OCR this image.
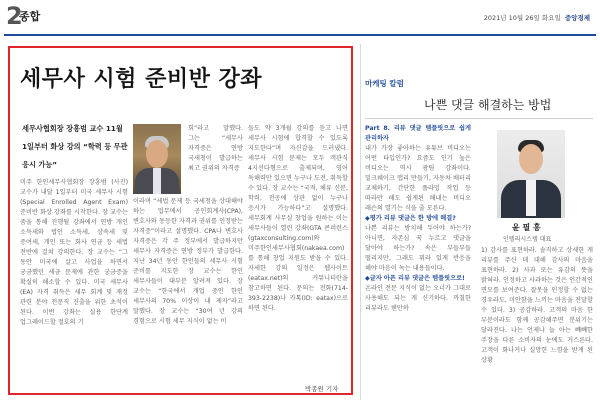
2
종합	2021년 10월 26일 화요일 중앙경제
세무사 시험 준비반 강좌
세무사협회장 장흥범 교수 11월 1일부터 화상 강의 “학력 등 무관 응시 가능”
미주 한인세무사협회장 장흥범 (사진) 교수가 내달 1일부터 미국 세무사 시험(Special Enrolled Agent Exam) 준비반 화상 강좌를 시작한다. 장 교수는 줌을 통해 진행될 강좌에서 연방 개인 소득세와 법인 소득세, 상속세 및 증여세, 개인 또는 회사 연금 등 세법 전반에 걸쳐 강의한다. 장 교수는 “그 동안 미국에 살고 사업을 하면서 궁금했던 세금 문제에 관한 궁금증을 확실히 해소할 수 있다. 미국 세무사(EA) 자격 취득은 세무 회계 및 재정 관련 분야 전문직 진출을 위한 초석이 된다. 이번 강좌는 실용 한단계 업그레이드할 절호의 기
회”라고 말했다. 그는 “세무사 자격증은 연방 국세청이 발급하는 최고 권위의 자격증
이라며 “세법 문제 등 국세청을 상대해야 하는 업무에서 공인회계사(CPA), 변호사와 동등한 자격과 권위를 인정받는 자격증”이라고 설명했다. CPA나 변호사 자격증은 각 주 정부에서 발급하지만 세무사 자격증은 연방 정부가 발급한다. 지난 34년 동안 한인들의 세무사 시험 준비를 지도한 장 교수는 한인 세무사들이 대부분 알려져 있다. 장 교수는 “한국에서 개업 중인 한인 세무사의 70% 이상이 내 제자”라고 말했다. 장 교수는 “30여 년 강의 경험으로 시험 세무 지식이 없는 이
들도 약 3개월 강의를 듣고 나면 세무사 시험에 합격할 수 있도록 지도한다”며 자신감을 드러냈다. 세무사 시험 문제는 모두 객관식 4지선다형으로 출제되며, 영어 독해력만 있으면 누구나 도전, 취득할 수 있다. 장 교수는 “국적, 체류 신분, 학력, 전공에 상관 없이 누구나 응시가 가능하다”고 설명했다. 세무회계 사무실 창업을 원하는 이는 세무사들이 열린 강좌(GTA 콘퍼런스(gtaxconsulting.com)와 미주한인세무사협회(nakaea.com)를 통해 창업 지원도 받을 수 있다. 자세한 강의 일정은 웹사이트 (eatax.net)의 커뮤니티란을 참고하면 된다. 문의는 전화(714-393-2238)나 카톡(ID: eatax)으로 하면 된다.
박종원 기자
마케팅 칼럼
나쁜 댓글 해결하는 방법
Part 8. 리뷰 댓글 템플릿으로 쉽게 관리하자
내가 가장 좋아하는 유튜브 비디오는 어떤 타입인가? 요즘도 인기 높은 비디오는 역시 광팀 강좌이다. 밀크쉐이크 맵리 만들기, 자동차 배터리 교체하기, 간단한 플라밍 작업 등 따라만 해도 쉽게된 해내는 비디오 레슨의 열기는 식을 줄 모른다.
◆평가 리뷰 댓글은 한 방에 해결?
나쁜 리뷰는 방치해 두어야 하는가? 아니면, 자존심 꾹 누르고 댓글을 달아야 하는가? 속은 부들부들 떨리지만, 그래도 뭐라 있게 반응을 해야 마음이 녹는 내용들이다.
◆글자 아픈 리뷰 댓글은 템플릿으로!
온라인 전문 지식이 없는 오너가 그대로 사용해도 되는 게 신기하다. 까칠한 리뷰라도 웬만하
윤 필 홍
인텔리시스템 대표
1) 감사를 표현하라. 솔직하고 상세한 게 리뷰를 주신 데 대해 감사의 마음을 표현하라. 2) 사과 또는 유감의 뜻을 밝혀라. 인정하고 사과하는 것은 인간적인 면모를 보여준다. 잘못을 인정할 수 없는 경우라도, 미안함을 느끼는 마음을 전달할 수 있다. 3) 공감하라. 고객의 마음 한 부분이라도 함께 공감해주면 분위기는 달라진다. 나는 언제나 늘 아는 빼빼한 주장을 다른 소비자의 눈에도 거스른다. 고객이 화나거나 실망한 느낌을 받게 된 상황
